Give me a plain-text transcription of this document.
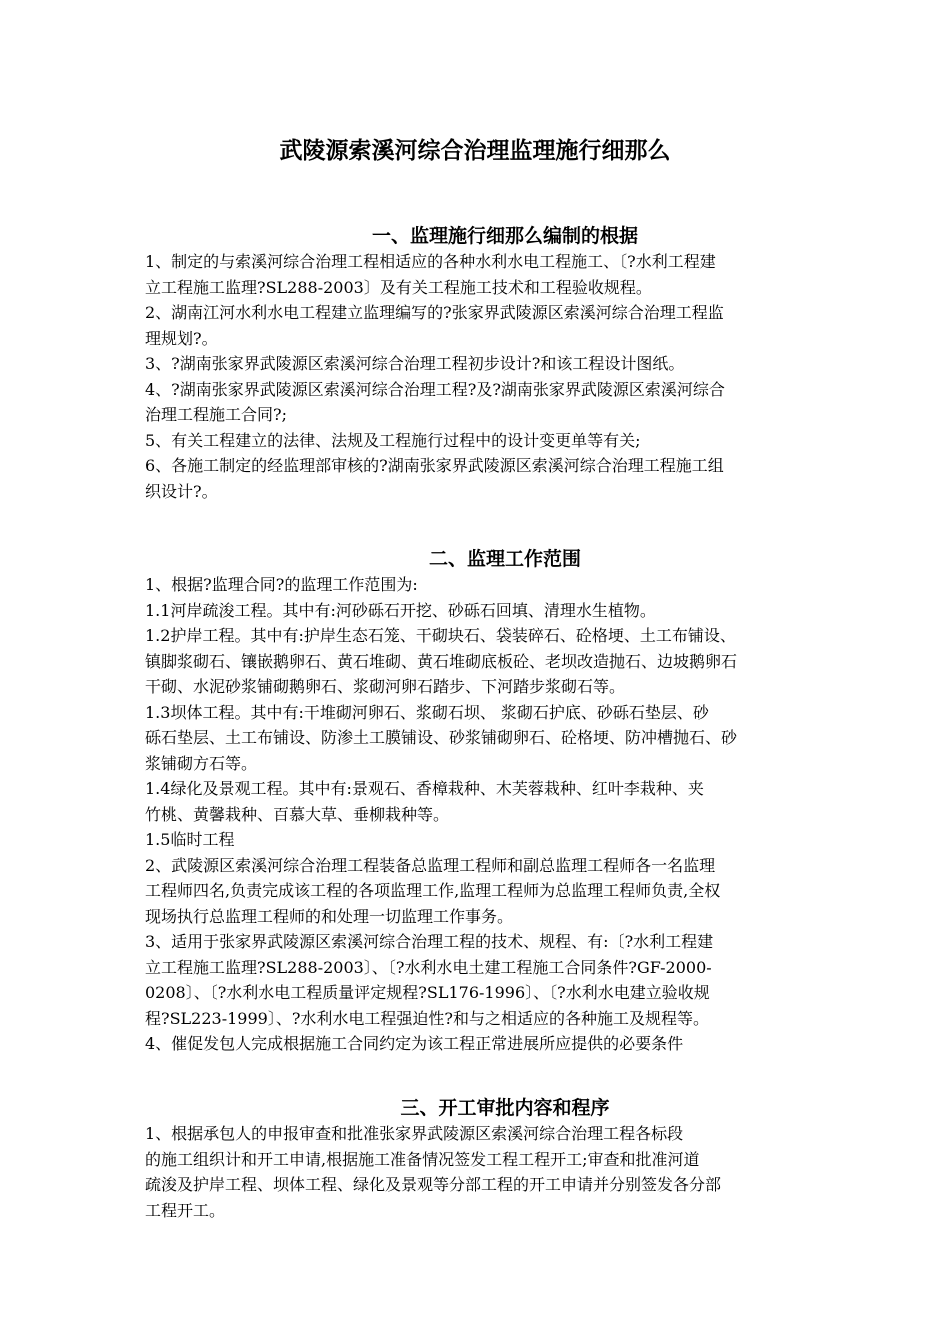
武陵源索溪河综合治理监理施行细那么
一、监理施行细那么编制的根据
1、制定的与索溪河综合治理工程相适应的各种水利水电工程施工、〔?水利工程建
立工程施工监理?SL288-2003〕及有关工程施工技术和工程验收规程。
2、湖南江河水利水电工程建立监理编写的?张家界武陵源区索溪河综合治理工程监
理规划?。
3、?湖南张家界武陵源区索溪河综合治理工程初步设计?和该工程设计图纸。
4、?湖南张家界武陵源区索溪河综合治理工程?及?湖南张家界武陵源区索溪河综合
治理工程施工合同?;
5、有关工程建立的法律、法规及工程施行过程中的设计变更单等有关;
6、各施工制定的经监理部审核的?湖南张家界武陵源区索溪河综合治理工程施工组
织设计?。
二、监理工作范围
1、根据?监理合同?的监理工作范围为:
1.1河岸疏浚工程。其中有:河砂砾石开挖、砂砾石回填、清理水生植物。
1.2护岸工程。其中有:护岸生态石笼、干砌块石、袋装碎石、砼格埂、土工布铺设、
镇脚浆砌石、镶嵌鹅卵石、黄石堆砌、黄石堆砌底板砼、老坝改造抛石、边坡鹅卵石
干砌、水泥砂浆铺砌鹅卵石、浆砌河卵石踏步、下河踏步浆砌石等。
1.3坝体工程。其中有:干堆砌河卵石、浆砌石坝、 浆砌石护底、砂砾石垫层、砂
砾石垫层、土工布铺设、防渗土工膜铺设、砂浆铺砌卵石、砼格埂、防冲槽抛石、砂
浆铺砌方石等。
1.4绿化及景观工程。其中有:景观石、香樟栽种、木芙蓉栽种、红叶李栽种、夹
竹桃、黄馨栽种、百慕大草、垂柳栽种等。
1.5临时工程
2、武陵源区索溪河综合治理工程装备总监理工程师和副总监理工程师各一名监理
工程师四名,负责完成该工程的各项监理工作,监理工程师为总监理工程师负责,全权
现场执行总监理工程师的和处理一切监理工作事务。
3、适用于张家界武陵源区索溪河综合治理工程的技术、规程、有:〔?水利工程建
立工程施工监理?SL288-2003〕、〔?水利水电土建工程施工合同条件?GF-2000-
0208〕、〔?水利水电工程质量评定规程?SL176-1996〕、〔?水利水电建立验收规
程?SL223-1999〕、?水利水电工程强迫性?和与之相适应的各种施工及规程等。
4、催促发包人完成根据施工合同约定为该工程正常进展所应提供的必要条件
三、开工审批内容和程序
1、根据承包人的申报审查和批准张家界武陵源区索溪河综合治理工程各标段
的施工组织计和开工申请,根据施工准备情况签发工程工程开工;审查和批准河道
疏浚及护岸工程、坝体工程、绿化及景观等分部工程的开工申请并分别签发各分部
工程开工。
